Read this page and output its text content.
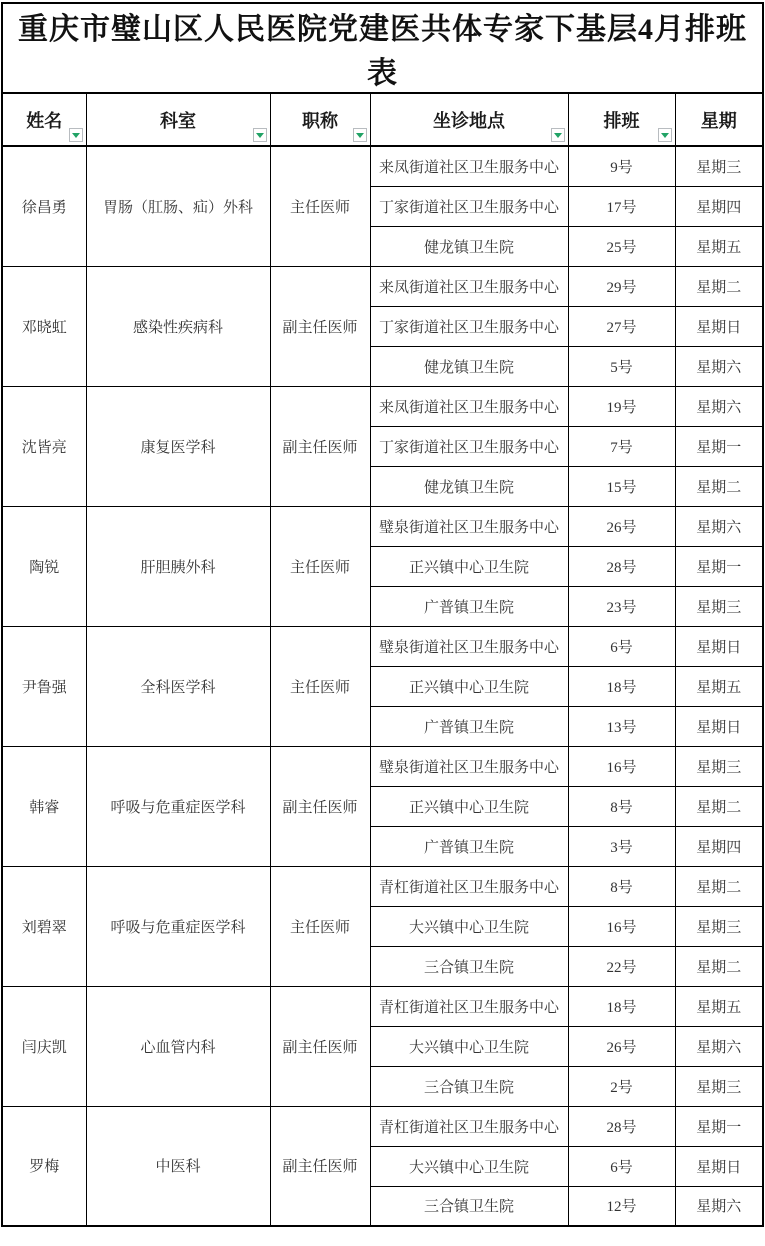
重庆市璧山区人民医院党建医共体专家下基层4月排班表					
姓名	科室	职称	坐诊地点	排班	星期
徐昌勇	胃肠（肛肠、疝）外科	主任医师	来凤街道社区卫生服务中心	9号	星期三
			丁家街道社区卫生服务中心	17号	星期四
			健龙镇卫生院	25号	星期五
邓晓虹	感染性疾病科	副主任医师	来凤街道社区卫生服务中心	29号	星期二
			丁家街道社区卫生服务中心	27号	星期日
			健龙镇卫生院	5号	星期六
沈皆亮	康复医学科	副主任医师	来凤街道社区卫生服务中心	19号	星期六
			丁家街道社区卫生服务中心	7号	星期一
			健龙镇卫生院	15号	星期二
陶锐	肝胆胰外科	主任医师	璧泉街道社区卫生服务中心	26号	星期六
			正兴镇中心卫生院	28号	星期一
			广普镇卫生院	23号	星期三
尹鲁强	全科医学科	主任医师	璧泉街道社区卫生服务中心	6号	星期日
			正兴镇中心卫生院	18号	星期五
			广普镇卫生院	13号	星期日
韩睿	呼吸与危重症医学科	副主任医师	璧泉街道社区卫生服务中心	16号	星期三
			正兴镇中心卫生院	8号	星期二
			广普镇卫生院	3号	星期四
刘碧翠	呼吸与危重症医学科	主任医师	青杠街道社区卫生服务中心	8号	星期二
			大兴镇中心卫生院	16号	星期三
			三合镇卫生院	22号	星期二
闫庆凯	心血管内科	副主任医师	青杠街道社区卫生服务中心	18号	星期五
			大兴镇中心卫生院	26号	星期六
			三合镇卫生院	2号	星期三
罗梅	中医科	副主任医师	青杠街道社区卫生服务中心	28号	星期一
			大兴镇中心卫生院	6号	星期日
			三合镇卫生院	12号	星期六
